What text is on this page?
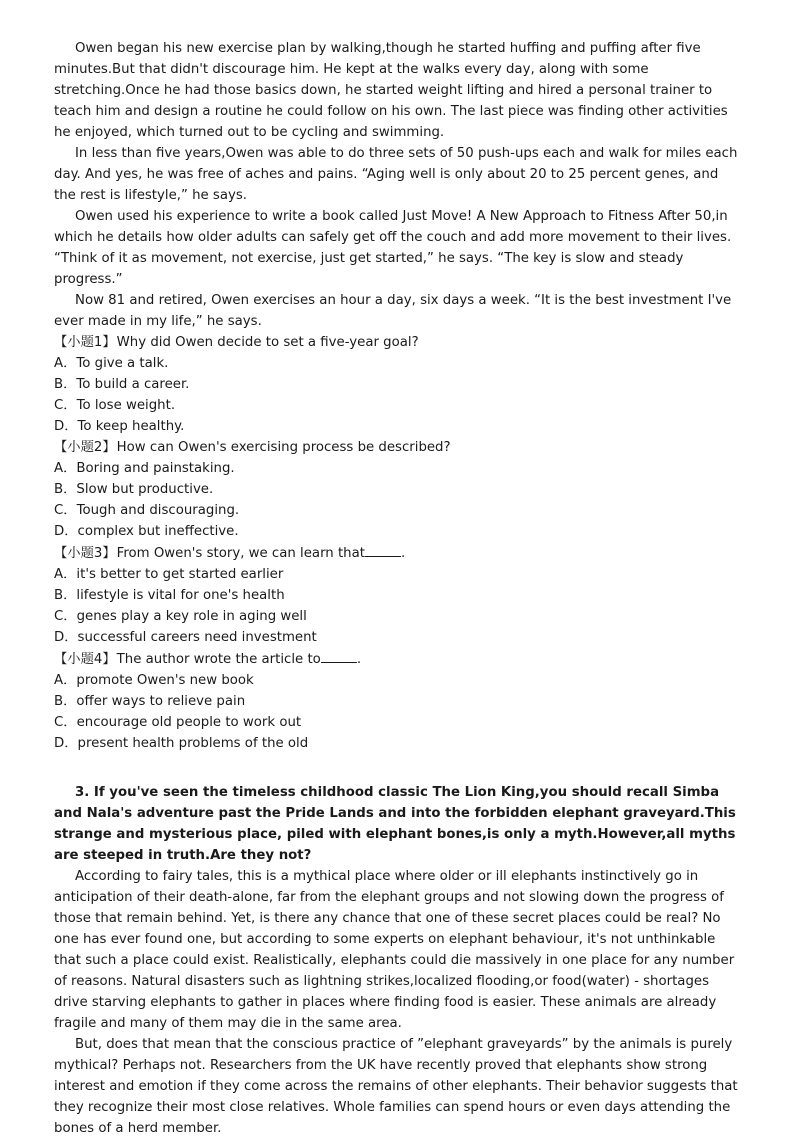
Owen began his new exercise plan by walking,though he started huffing and puffing after five minutes.But that didn't discourage him. He kept at the walks every day, along with some stretching.Once he had those basics down, he started weight lifting and hired a personal trainer to teach him and design a routine he could follow on his own. The last piece was finding other activities he enjoyed, which turned out to be cycling and swimming.

In less than five years,Owen was able to do three sets of 50 push-ups each and walk for miles each day. And yes, he was free of aches and pains. “Aging well is only about 20 to 25 percent genes, and the rest is lifestyle,” he says.

Owen used his experience to write a book called Just Move! A New Approach to Fitness After 50,in which he details how older adults can safely get off the couch and add more movement to their lives. “Think of it as movement, not exercise, just get started,” he says. “The key is slow and steady progress.”

Now 81 and retired, Owen exercises an hour a day, six days a week. “It is the best investment I've ever made in my life,” he says.

【小题1】Why did Owen decide to set a five-year goal?

A．To give a talk.

B．To build a career.

C．To lose weight.

D．To keep healthy.

【小题2】How can Owen's exercising process be described?

A．Boring and painstaking.

B．Slow but productive.

C．Tough and discouraging.

D．complex but ineffective.

【小题3】From Owen's story, we can learn that	.

A．it's better to get started earlier

B．lifestyle is vital for one's health

C．genes play a key role in aging well

D．successful careers need investment

【小题4】The author wrote the article to	.

A．promote Owen's new book

B．offer ways to relieve pain

C．encourage old people to work out

D．present health problems of the old

3. If you've seen the timeless childhood classic The Lion King,you should recall Simba and Nala's adventure past the Pride Lands and into the forbidden elephant graveyard.This strange and mysterious place, piled with elephant bones,is only a myth.However,all myths are steeped in truth.Are they not?

According to fairy tales, this is a mythical place where older or ill elephants instinctively go in anticipation of their death-alone, far from the elephant groups and not slowing down the progress of those that remain behind. Yet, is there any chance that one of these secret places could be real? No one has ever found one, but according to some experts on elephant behaviour, it's not unthinkable that such a place could exist. Realistically, elephants could die massively in one place for any number of reasons. Natural disasters such as lightning strikes,localized flooding,or food(water) - shortages drive starving elephants to gather in places where finding food is easier. These animals are already fragile and many of them may die in the same area.

But, does that mean that the conscious practice of ”elephant graveyards” by the animals is purely mythical? Perhaps not. Researchers from the UK have recently proved that elephants show strong interest and emotion if they come across the remains of other elephants. Their behavior suggests that they recognize their most close relatives. Whole families can spend hours or even days attending the bones of a herd member.
